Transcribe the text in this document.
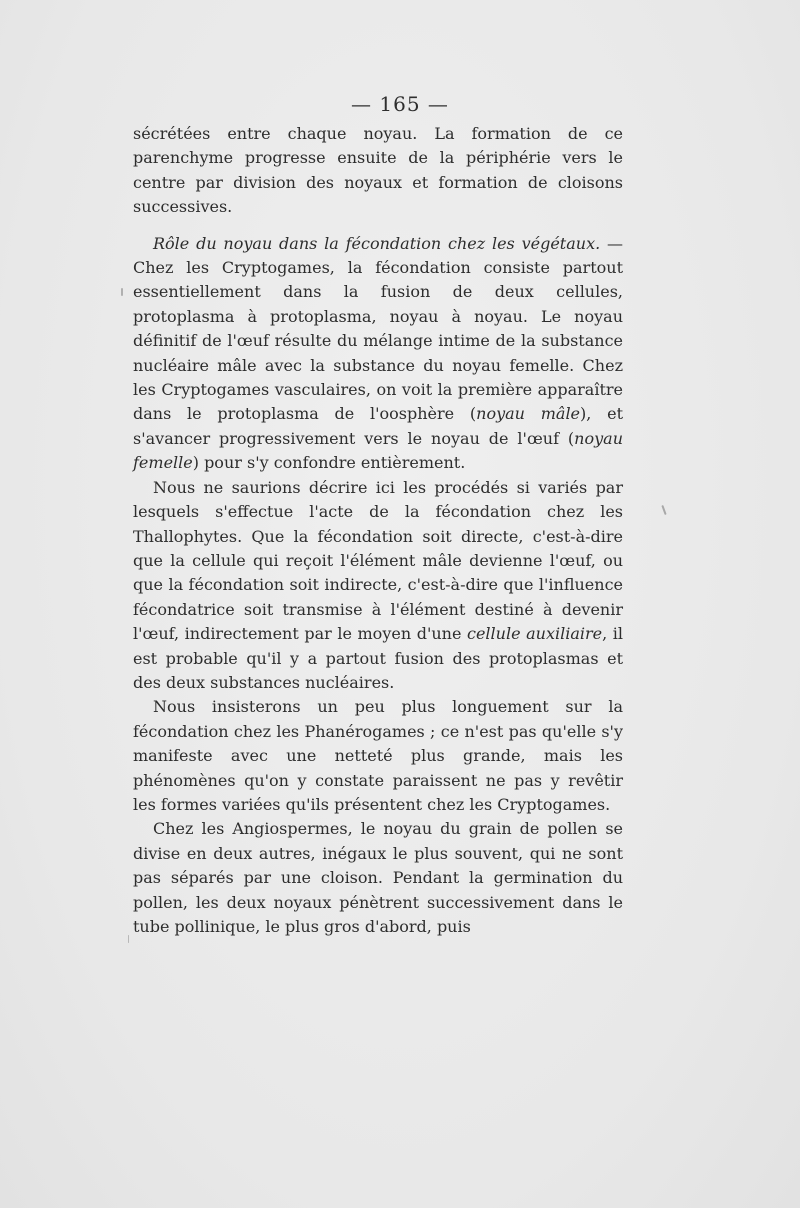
— 165 —

sécrétées entre chaque noyau. La formation de ce parenchyme progresse ensuite de la périphérie vers le centre par division des noyaux et formation de cloisons successives.

Rôle du noyau dans la fécondation chez les végétaux. — Chez les Cryptogames, la fécondation consiste partout essentiellement dans la fusion de deux cellules, protoplasma à protoplasma, noyau à noyau. Le noyau définitif de l'œuf résulte du mélange intime de la substance nucléaire mâle avec la substance du noyau femelle. Chez les Cryptogames vasculaires, on voit la première apparaître dans le protoplasma de l'oosphère (noyau mâle), et s'avancer progressivement vers le noyau de l'œuf (noyau femelle) pour s'y confondre entièrement.

Nous ne saurions décrire ici les procédés si variés par lesquels s'effectue l'acte de la fécondation chez les Thallophytes. Que la fécondation soit directe, c'est-à-dire que la cellule qui reçoit l'élément mâle devienne l'œuf, ou que la fécondation soit indirecte, c'est-à-dire que l'influence fécondatrice soit transmise à l'élément destiné à devenir l'œuf, indirectement par le moyen d'une cellule auxiliaire, il est probable qu'il y a partout fusion des protoplasmas et des deux substances nucléaires.

Nous insisterons un peu plus longuement sur la fécondation chez les Phanérogames ; ce n'est pas qu'elle s'y manifeste avec une netteté plus grande, mais les phénomènes qu'on y constate paraissent ne pas y revêtir les formes variées qu'ils présentent chez les Cryptogames.

Chez les Angiospermes, le noyau du grain de pollen se divise en deux autres, inégaux le plus souvent, qui ne sont pas séparés par une cloison. Pendant la germination du pollen, les deux noyaux pénètrent successivement dans le tube pollinique, le plus gros d'abord, puis
